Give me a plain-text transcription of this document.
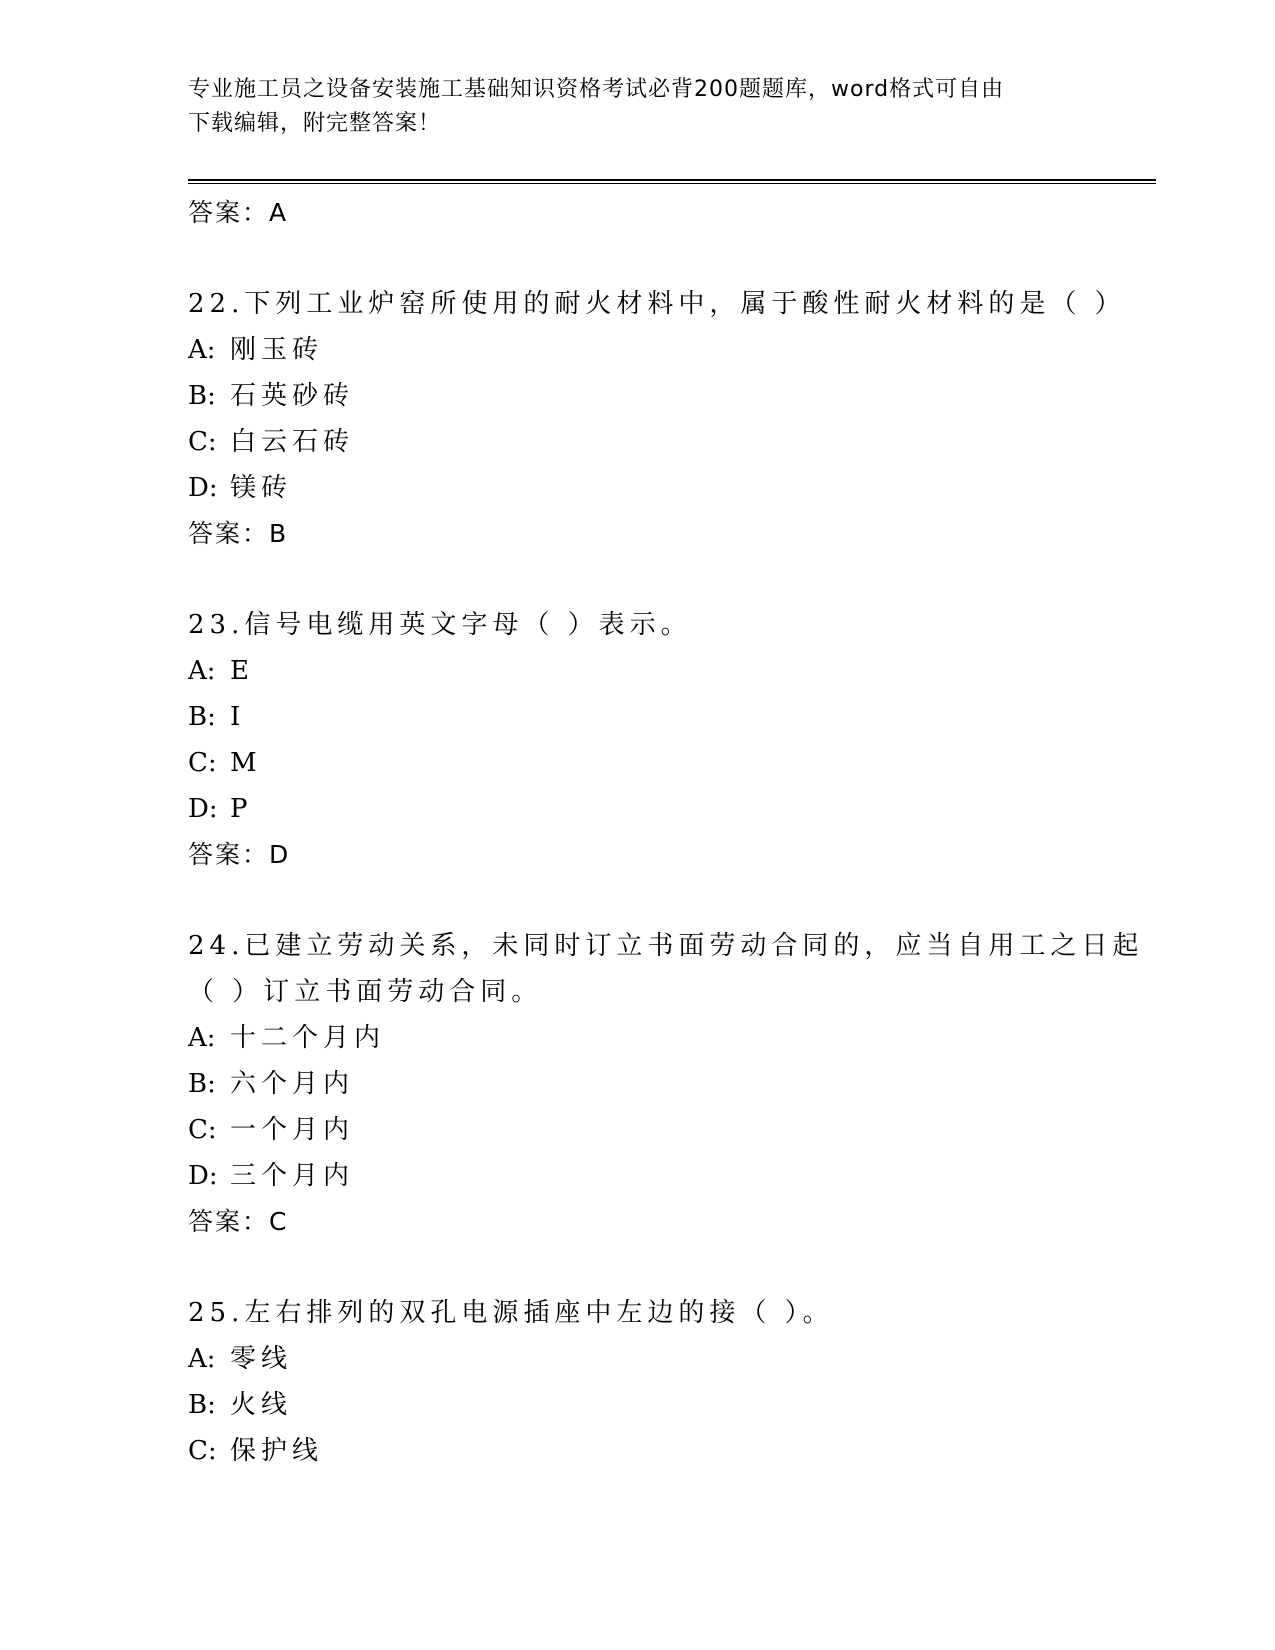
专业施工员之设备安装施工基础知识资格考试必背200题题库，word格式可自由
下载编辑，附完整答案！
答案：A
22.下列工业炉窑所使用的耐火材料中，属于酸性耐火材料的是（ ）
A: 刚玉砖
B: 石英砂砖
C: 白云石砖
D: 镁砖
答案：B
23.信号电缆用英文字母（ ）表示。
A: E
B: I
C: M
D: P
答案：D
24.已建立劳动关系，未同时订立书面劳动合同的，应当自用工之日起
（ ）订立书面劳动合同。
A: 十二个月内
B: 六个月内
C: 一个月内
D: 三个月内
答案：C
25.左右排列的双孔电源插座中左边的接（ ）。
A: 零线
B: 火线
C: 保护线
